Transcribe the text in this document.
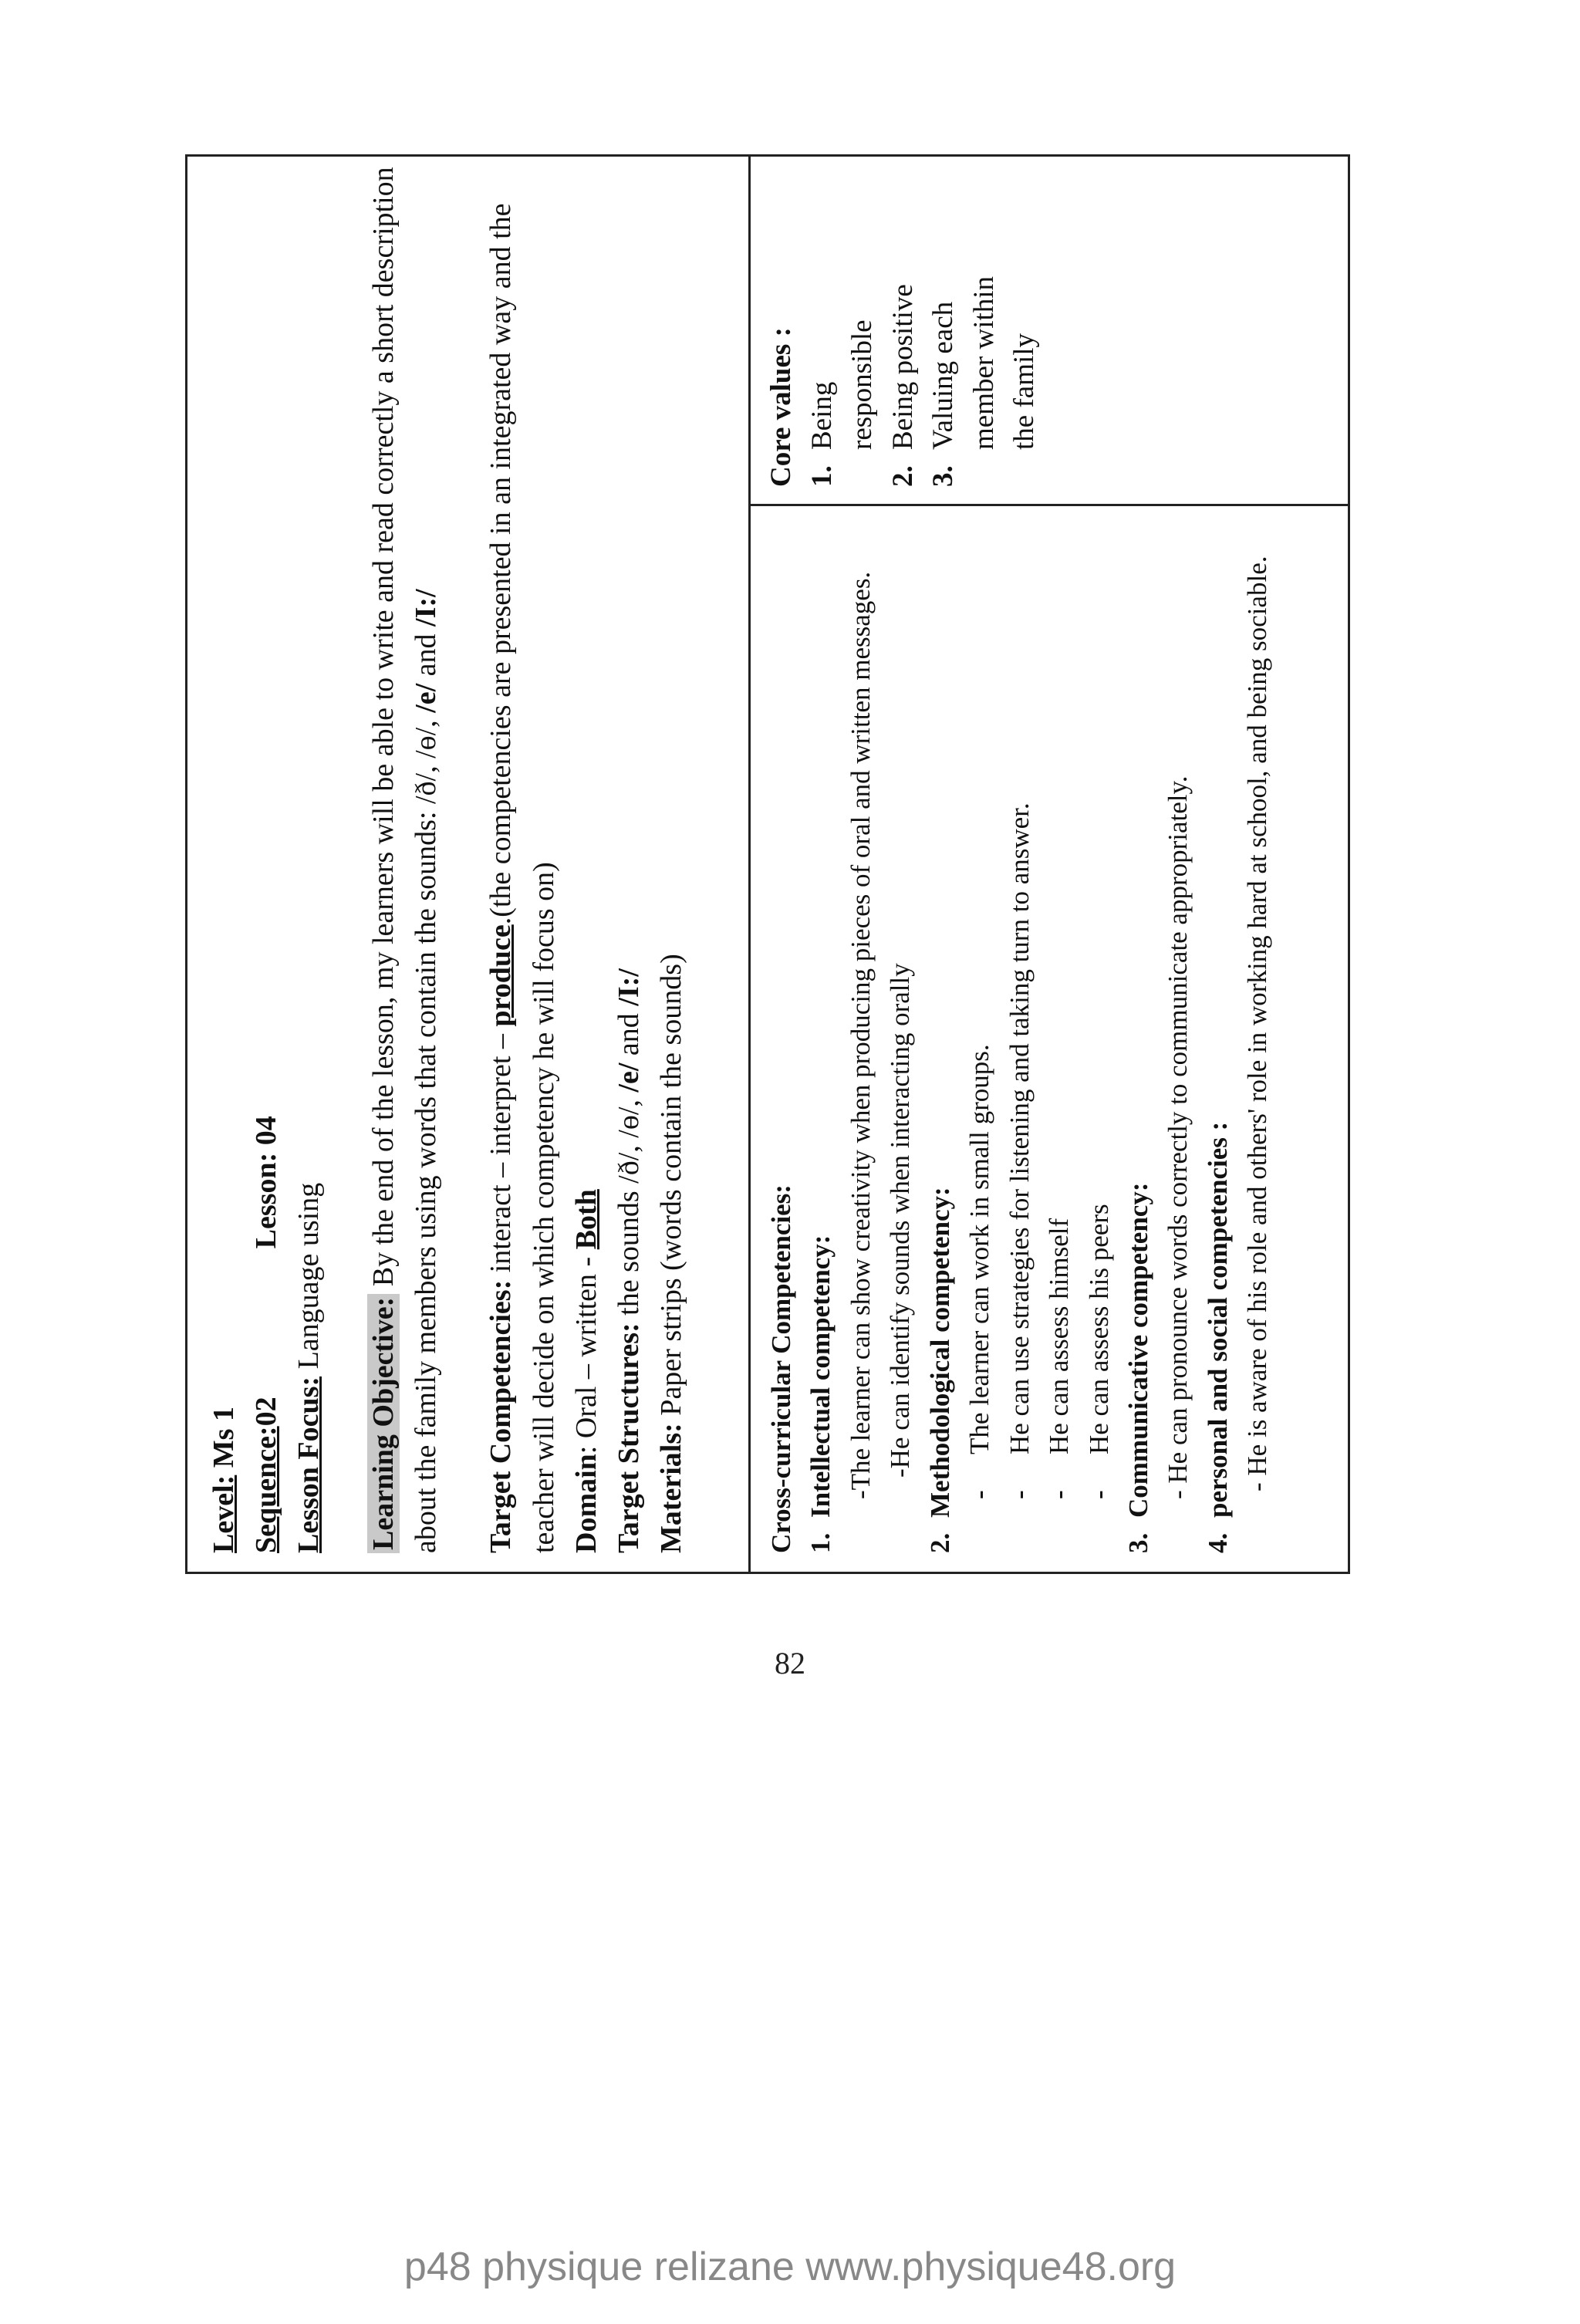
Level: Ms 1 Sequence:02Lesson: 04
Lesson Focus: Language using
Learning Objective: By the end of the lesson, my learners will be able to write and read correctly a short description about the family members using words that contain the sounds: /ð/, /ɵ/, /e/ and /I:/
Target Competencies: interact – interpret – produce.(the competencies are presented in an integrated way and the
teacher will decide on which competency he will focus on) Domain: Oral – written - Both
Target Structures: the sounds /ð/, /ɵ/, /e/ and /I:/
Materials: Paper strips (words contain the sounds)	Cross-curricular Competencies: 1.Intellectual competency: -The learner can show creativity when producing pieces of oral and written messages. -He can identify sounds when interacting orally
2.Methodological competency: -The learner can work in small groups.
-He can use strategies for listening and taking turn to answer.
-He can assess himself
-He can assess his peers
3.Communicative competency: - He can pronounce words correctly to communicate appropriately.
4.personal and social competencies : - He is aware of his role and others' role in working hard at school, and being sociable.
Core values : 1.
Being
responsible
2.
Being positive
3.
Valuing each
member within
the family
82
p48 physique relizane www.physique48.org
